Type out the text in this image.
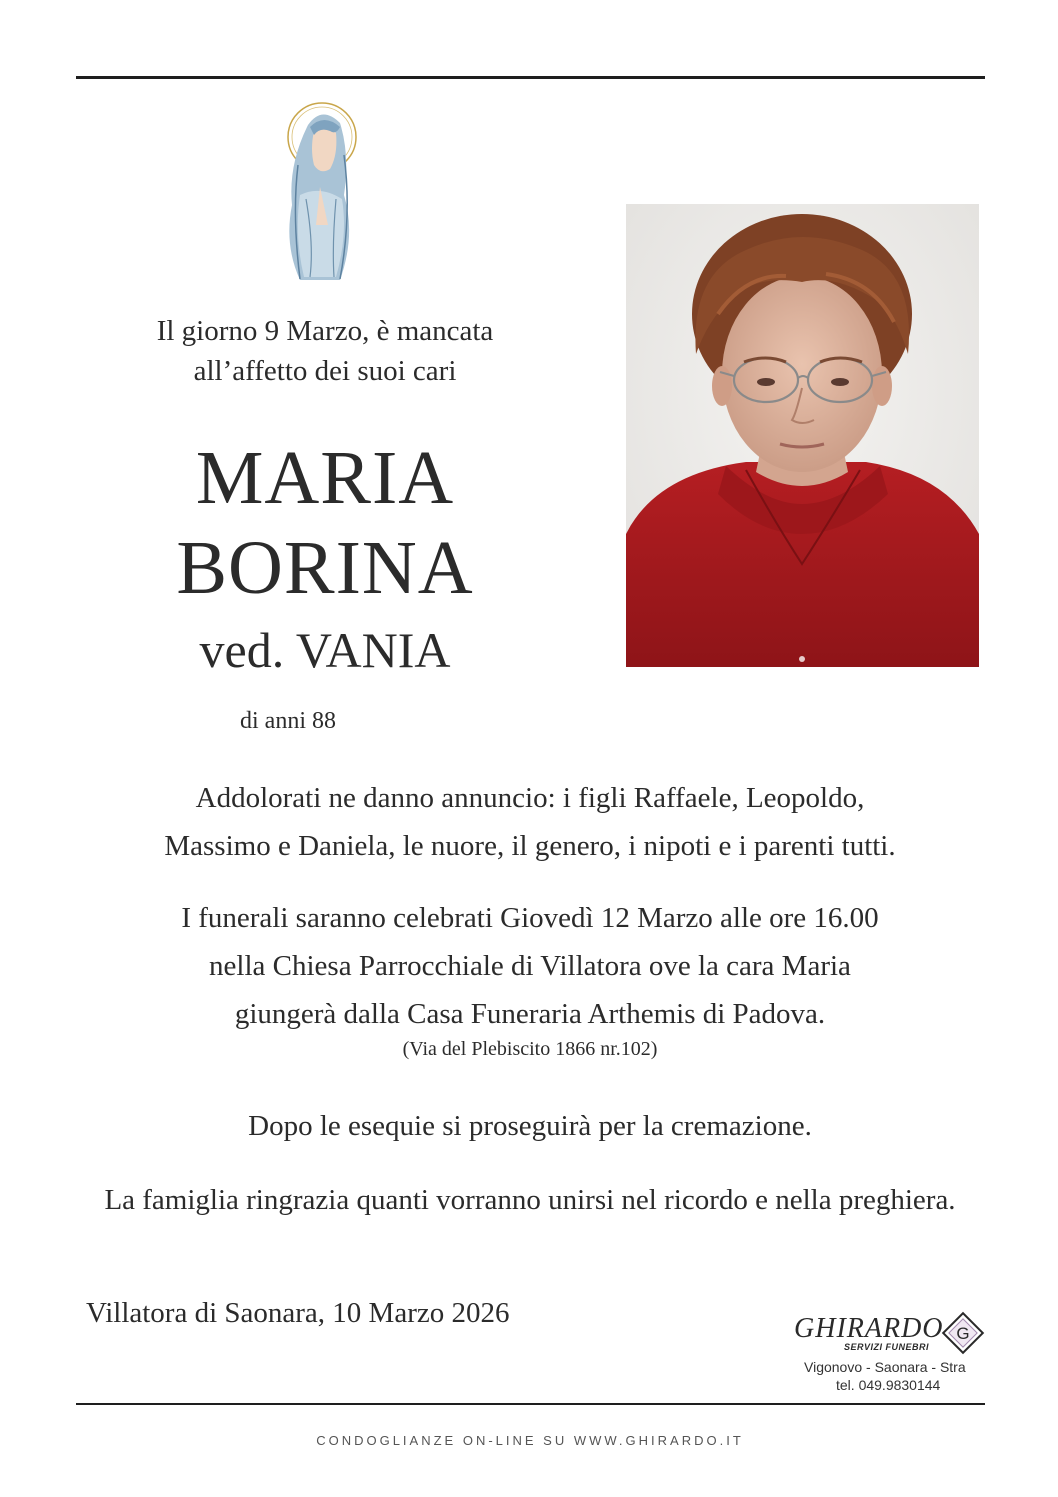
Il giorno 9 Marzo, è mancata
all’affetto dei suoi cari
MARIA
BORINA
ved. VANIA
di anni 88
Addolorati ne danno annuncio: i figli Raffaele, Leopoldo,
Massimo e Daniela, le nuore, il genero, i nipoti e i parenti tutti.
I funerali saranno celebrati Giovedì 12 Marzo alle ore 16.00
nella Chiesa Parrocchiale di Villatora ove la cara Maria
giungerà dalla Casa Funeraria Arthemis di Padova.
(Via del Plebiscito 1866 nr.102)
Dopo le esequie si proseguirà per la cremazione.
La famiglia ringrazia quanti vorranno unirsi nel ricordo e nella preghiera.
Villatora di Saonara, 10 Marzo 2026	GHIRARDO
SERVIZI FUNEBRI
G
Vigonovo - Saonara - Stra
tel. 049.9830144
CONDOGLIANZE ON-LINE SU WWW.GHIRARDO.IT
